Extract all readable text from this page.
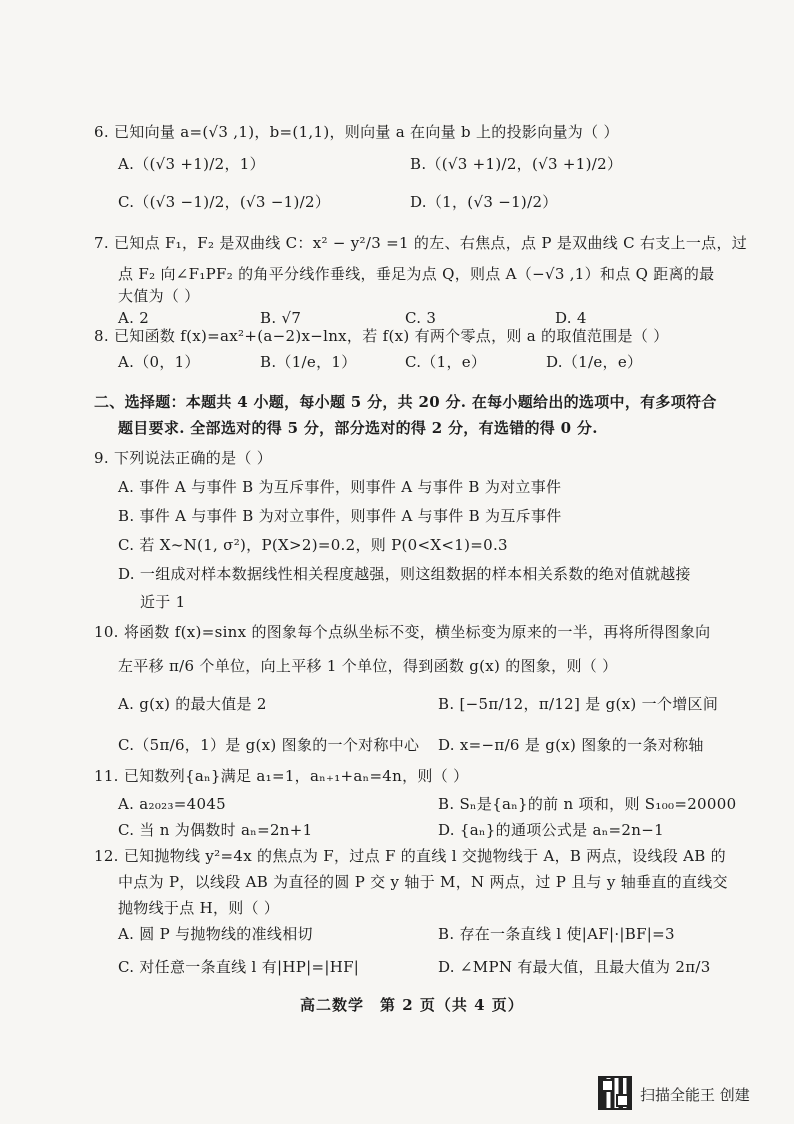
6. 已知向量 a=(√3 ,1)，b=(1,1)，则向量 a 在向量 b 上的投影向量为（ ）
A.（(√3 +1)/2，1）	B.（(√3 +1)/2，(√3 +1)/2）
C.（(√3 −1)/2，(√3 −1)/2）	D.（1，(√3 −1)/2）
7. 已知点 F₁，F₂ 是双曲线 C：x² − y²/3 =1 的左、右焦点，点 P 是双曲线 C 右支上一点，过
点 F₂ 向∠F₁PF₂ 的角平分线作垂线，垂足为点 Q，则点 A（−√3 ,1）和点 Q 距离的最
大值为（ ）
A. 2	B. √7	C. 3	D. 4
8. 已知函数 f(x)=ax²+(a−2)x−lnx，若 f(x) 有两个零点，则 a 的取值范围是（ ）
A.（0，1）	B.（1/e，1）	C.（1，e）	D.（1/e，e）
二、选择题：本题共 4 小题，每小题 5 分，共 20 分. 在每小题给出的选项中，有多项符合
题目要求. 全部选对的得 5 分，部分选对的得 2 分，有选错的得 0 分.
9. 下列说法正确的是（ ）
A. 事件 A 与事件 B 为互斥事件，则事件 A 与事件 B 为对立事件
B. 事件 A 与事件 B 为对立事件，则事件 A 与事件 B 为互斥事件
C. 若 X~N(1, σ²)，P(X>2)=0.2，则 P(0<X<1)=0.3
D. 一组成对样本数据线性相关程度越强，则这组数据的样本相关系数的绝对值就越接
近于 1
10. 将函数 f(x)=sinx 的图象每个点纵坐标不变，横坐标变为原来的一半，再将所得图象向
左平移 π/6 个单位，向上平移 1 个单位，得到函数 g(x) 的图象，则（ ）
A. g(x) 的最大值是 2	B. [−5π/12，π/12] 是 g(x) 一个增区间
C.（5π/6，1）是 g(x) 图象的一个对称中心 D. x=−π/6 是 g(x) 图象的一条对称轴
11. 已知数列{aₙ}满足 a₁=1，aₙ₊₁+aₙ=4n，则（ ）
A. a₂₀₂₃=4045	B. Sₙ是{aₙ}的前 n 项和，则 S₁₀₀=20000
C. 当 n 为偶数时 aₙ=2n+1	D. {aₙ}的通项公式是 aₙ=2n−1
12. 已知抛物线 y²=4x 的焦点为 F，过点 F 的直线 l 交抛物线于 A，B 两点，设线段 AB 的
中点为 P，以线段 AB 为直径的圆 P 交 y 轴于 M，N 两点，过 P 且与 y 轴垂直的直线交
抛物线于点 H，则（ ）
A. 圆 P 与抛物线的准线相切	B. 存在一条直线 l 使|AF|·|BF|=3
C. 对任意一条直线 l 有|HP|=|HF|	D. ∠MPN 有最大值，且最大值为 2π/3
高二数学　第 2 页（共 4 页）
扫描全能王 创建
